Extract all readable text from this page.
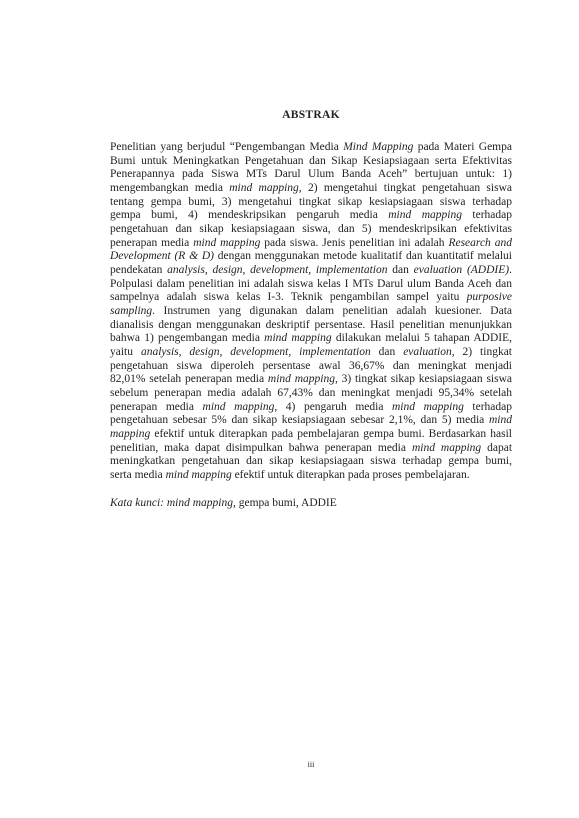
ABSTRAK
Penelitian yang berjudul “Pengembangan Media Mind Mapping pada Materi Gempa
Bumi untuk Meningkatkan Pengetahuan dan Sikap Kesiapsiagaan serta Efektivitas
Penerapannya pada Siswa MTs Darul Ulum Banda Aceh” bertujuan untuk: 1)
mengembangkan media mind mapping, 2) mengetahui tingkat pengetahuan siswa
tentang gempa bumi, 3) mengetahui tingkat sikap kesiapsiagaan siswa terhadap
gempa bumi, 4) mendeskripsikan pengaruh media mind mapping terhadap
pengetahuan dan sikap kesiapsiagaan siswa, dan 5) mendeskripsikan efektivitas
penerapan media mind mapping pada siswa. Jenis penelitian ini adalah Research and
Development (R & D) dengan menggunakan metode kualitatif dan kuantitatif melalui
pendekatan analysis, design, development, implementation dan evaluation (ADDIE).
Polpulasi dalam penelitian ini adalah siswa kelas I MTs Darul ulum Banda Aceh dan
sampelnya adalah siswa kelas I-3. Teknik pengambilan sampel yaitu purposive
sampling. Instrumen yang digunakan dalam penelitian adalah kuesioner. Data
dianalisis dengan menggunakan deskriptif persentase. Hasil penelitian menunjukkan
bahwa 1) pengembangan media mind mapping dilakukan melalui 5 tahapan ADDIE,
yaitu analysis, design, development, implementation dan evaluation, 2) tingkat
pengetahuan siswa diperoleh persentase awal 36,67% dan meningkat menjadi
82,01% setelah penerapan media mind mapping, 3) tingkat sikap kesiapsiagaan siswa
sebelum penerapan media adalah 67,43% dan meningkat menjadi 95,34% setelah
penerapan media mind mapping, 4) pengaruh media mind mapping terhadap
pengetahuan sebesar 5% dan sikap kesiapsiagaan sebesar 2,1%, dan 5) media mind
mapping efektif untuk diterapkan pada pembelajaran gempa bumi. Berdasarkan hasil
penelitian, maka dapat disimpulkan bahwa penerapan media mind mapping dapat
meningkatkan pengetahuan dan sikap kesiapsiagaan siswa terhadap gempa bumi,
serta media mind mapping efektif untuk diterapkan pada proses pembelajaran.
Kata kunci: mind mapping, gempa bumi, ADDIE
iii
